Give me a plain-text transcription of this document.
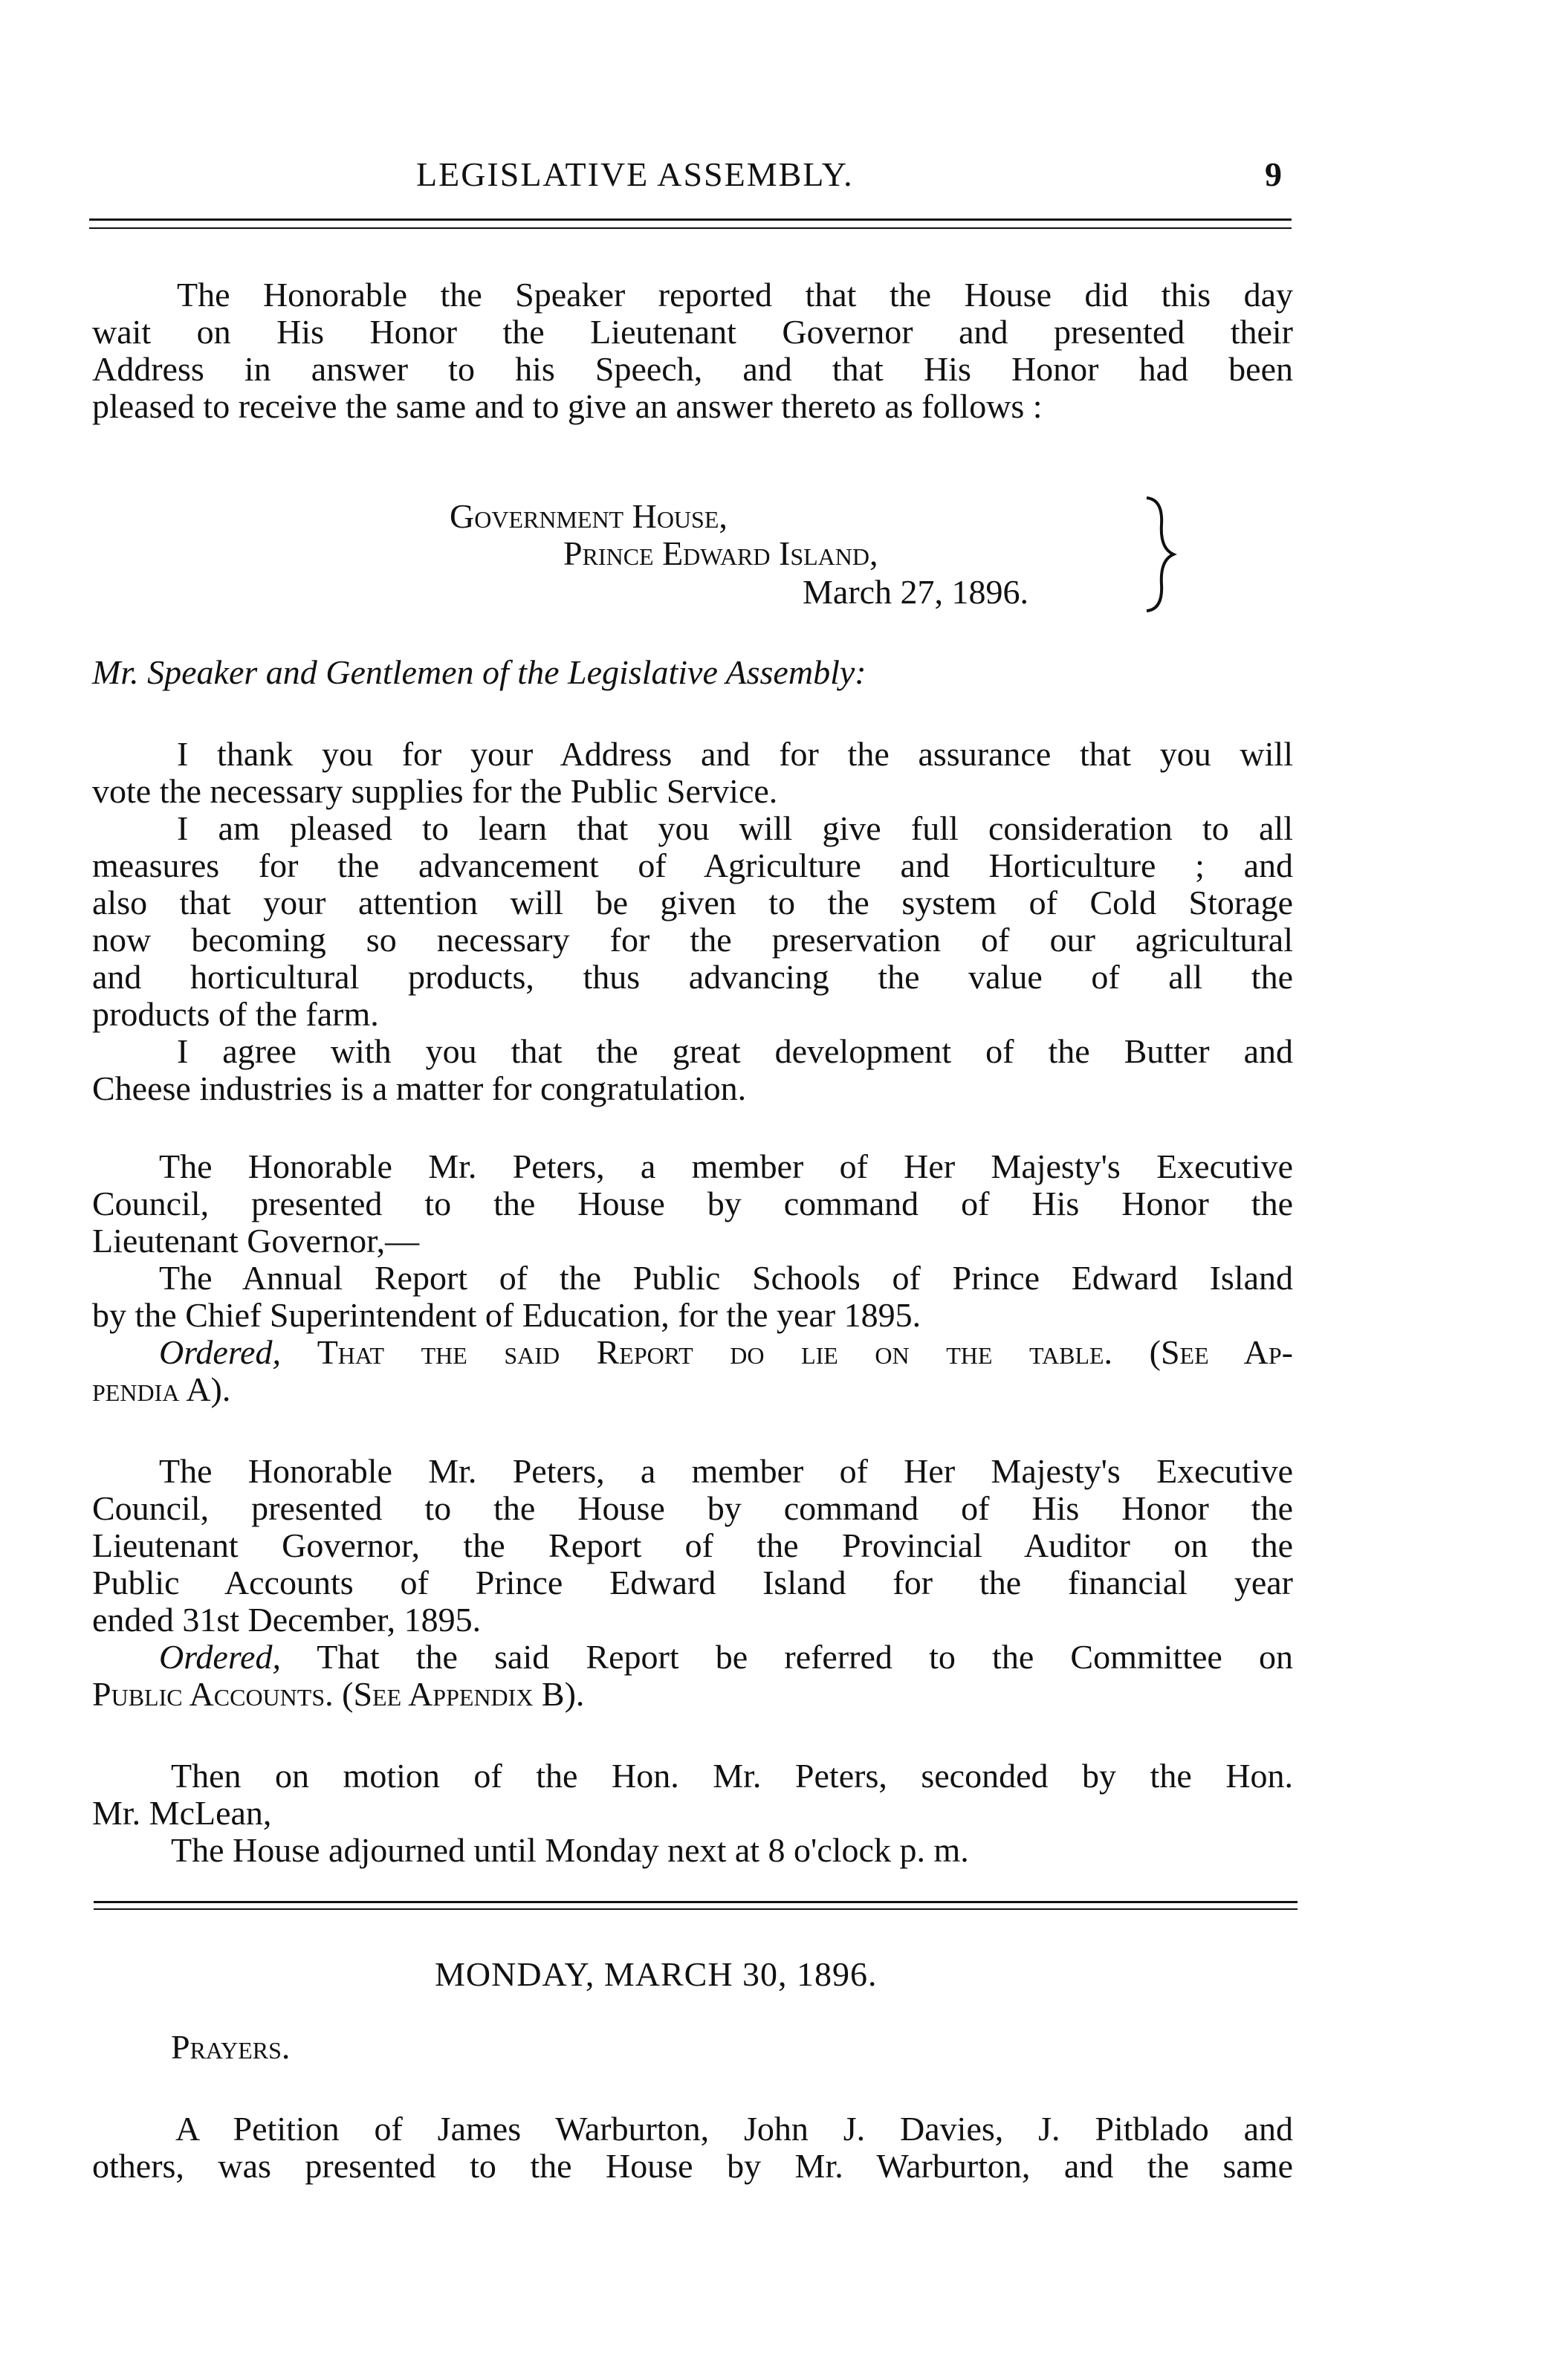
LEGISLATIVE ASSEMBLY.	9
The Honorable the Speaker reported that the House did this day
wait on His Honor the Lieutenant Governor and presented their
Address in answer to his Speech, and that His Honor had been
pleased to receive the same and to give an answer thereto as follows :
Government House,
Prince Edward Island,
March 27, 1896.
Mr. Speaker and Gentlemen of the Legislative Assembly:
I thank you for your Address and for the assurance that you will
vote the necessary supplies for the Public Service.
I am pleased to learn that you will give full consideration to all
measures for the advancement of Agriculture and Horticulture ; and
also that your attention will be given to the system of Cold Storage
now becoming so necessary for the preservation of our agricultural
and horticultural products, thus advancing the value of all the
products of the farm.
I agree with you that the great development of the Butter and
Cheese industries is a matter for congratulation.
The Honorable Mr. Peters, a member of Her Majesty's Executive
Council, presented to the House by command of His Honor the
Lieutenant Governor,—
The Annual Report of the Public Schools of Prince Edward Island
by the Chief Superintendent of Education, for the year 1895.
Ordered, That the said Report do lie on the table. (See Ap-
pendia A).
The Honorable Mr. Peters, a member of Her Majesty's Executive
Council, presented to the House by command of His Honor the
Lieutenant Governor, the Report of the Provincial Auditor on the
Public Accounts of Prince Edward Island for the financial year
ended 31st December, 1895.
Ordered, That the said Report be referred to the Committee on
Public Accounts. (See Appendix B).
Then on motion of the Hon. Mr. Peters, seconded by the Hon.
Mr. McLean,
The House adjourned until Monday next at 8 o'clock p. m.
MONDAY, MARCH 30, 1896.
Prayers.
A Petition of James Warburton, John J. Davies, J. Pitblado and
others, was presented to the House by Mr. Warburton, and the same
